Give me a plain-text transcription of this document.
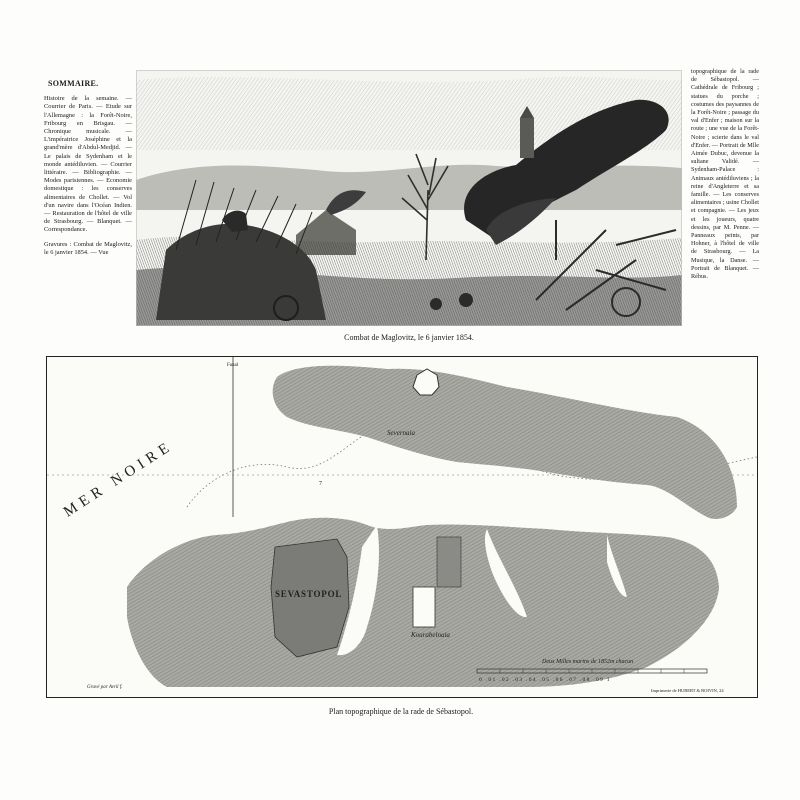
SOMMAIRE.

Histoire de la semaine. — Courrier de Paris. — Etude sur l'Allemagne : la Forêt-Noire, Fribourg en Brisgau. — Chronique musicale. — L'impératrice Joséphine et la grand'mère d'Abdul-Medjid. — Le palais de Sydenham et le monde antédiluvien. — Courrier littéraire. — Bibliographie. — Modes parisiennes. — Economie domestique : les conserves alimentaires de Chollet. — Vol d'un navire dans l'Océan Indien. — Restauration de l'hôtel de ville de Strasbourg. — Blanquet. — Correspondance.

Gravures : Combat de Maglovitz, le 6 janvier 1854. — Vue

topographique de la rade de Sébastopol. — Cathédrale de Fribourg ; statues du porche ; costumes des paysannes de la Forêt-Noire ; passage du val d'Enfer ; maison sur la route ; une vue de la Forêt-Noire ; scierie dans le val d'Enfer. — Portrait de Mlle Aimée Dubuc, devenue la sultane Validé. — Sydenham-Palace : Animaux antédiluviens ; la reine d'Angleterre et sa famille. — Les conserves alimentaires ; usine Chollet et compagnie. — Les jeux et les joueurs, quatre dessins, par M. Penne. — Panneaux peints, par Hohner, à l'hôtel de ville de Strasbourg. — La Musique, la Danse. — Portrait de Blanquet. — Rébus.

Combat de Maglovitz, le 6 janvier 1854.
MER NOIRE
SEVASTOPOL
Severnaia
Kourabelnaia
Deux Milles marins de 1852m chacun
0 .01 .02 .03 .04 .05 .06 .07 .08 .09 1
Gravé par Avril f.
Imprimerie de HUBERT & BOIVIN, 24
7
Fanal
Plan topographique de la rade de Sébastopol.
